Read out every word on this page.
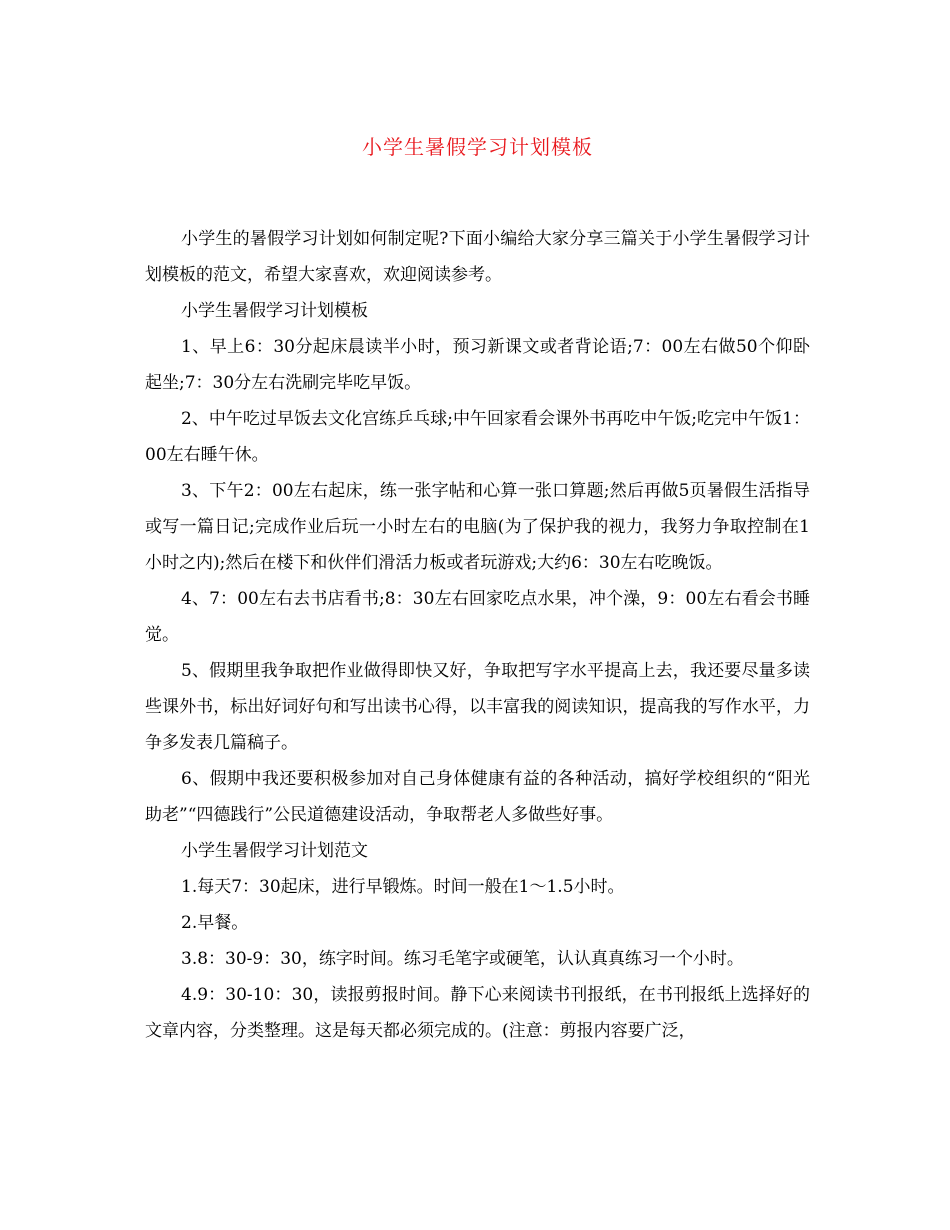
小学生暑假学习计划模板

小学生的暑假学习计划如何制定呢?下面小编给大家分享三篇关于小学生暑假学习计划模板的范文，希望大家喜欢，欢迎阅读参考。

小学生暑假学习计划模板

1、早上6：30分起床晨读半小时，预习新课文或者背论语;7：00左右做50个仰卧起坐;7：30分左右洗刷完毕吃早饭。

2、中午吃过早饭去文化宫练乒乓球;中午回家看会课外书再吃中午饭;吃完中午饭1：00左右睡午休。

3、下午2：00左右起床，练一张字帖和心算一张口算题;然后再做5页暑假生活指导或写一篇日记;完成作业后玩一小时左右的电脑(为了保护我的视力，我努力争取控制在1小时之内);然后在楼下和伙伴们滑活力板或者玩游戏;大约6：30左右吃晚饭。

4、7：00左右去书店看书;8：30左右回家吃点水果，冲个澡，9：00左右看会书睡觉。

5、假期里我争取把作业做得即快又好，争取把写字水平提高上去，我还要尽量多读些课外书，标出好词好句和写出读书心得，以丰富我的阅读知识，提高我的写作水平，力争多发表几篇稿子。

6、假期中我还要积极参加对自己身体健康有益的各种活动，搞好学校组织的“阳光助老”“四德践行”公民道德建设活动，争取帮老人多做些好事。

小学生暑假学习计划范文

1.每天7：30起床，进行早锻炼。时间一般在1～1.5小时。

2.早餐。

3.8：30-9：30，练字时间。练习毛笔字或硬笔，认认真真练习一个小时。

4.9：30-10：30，读报剪报时间。静下心来阅读书刊报纸，在书刊报纸上选择好的文章内容，分类整理。这是每天都必须完成的。(注意：剪报内容要广泛，
